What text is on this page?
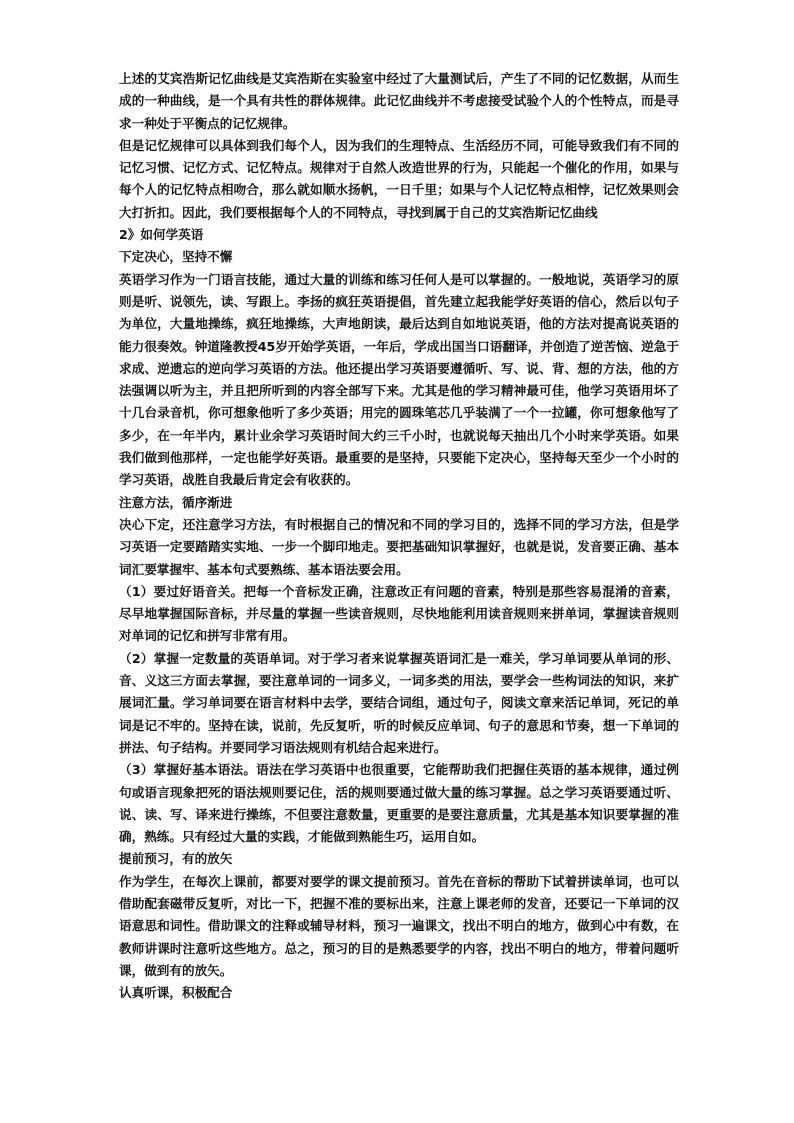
上述的艾宾浩斯记忆曲线是艾宾浩斯在实验室中经过了大量测试后，产生了不同的记忆数据，从而生成的一种曲线，是一个具有共性的群体规律。此记忆曲线并不考虑接受试验个人的个性特点，而是寻求一种处于平衡点的记忆规律。

但是记忆规律可以具体到我们每个人，因为我们的生理特点、生活经历不同，可能导致我们有不同的记忆习惯、记忆方式、记忆特点。规律对于自然人改造世界的行为，只能起一个催化的作用，如果与每个人的记忆特点相吻合，那么就如顺水扬帆，一日千里；如果与个人记忆特点相悖，记忆效果则会大打折扣。因此，我们要根据每个人的不同特点，寻找到属于自己的艾宾浩斯记忆曲线

2》如何学英语

下定决心，坚持不懈

英语学习作为一门语言技能，通过大量的训练和练习任何人是可以掌握的。一般地说，英语学习的原则是听、说领先，读、写跟上。李扬的疯狂英语提倡，首先建立起我能学好英语的信心，然后以句子为单位，大量地操练，疯狂地操练，大声地朗读，最后达到自如地说英语，他的方法对提高说英语的能力很奏效。钟道隆教授45岁开始学英语，一年后，学成出国当口语翻译，并创造了逆苦恼、逆急于求成、逆遗忘的逆向学习英语的方法。他还提出学习英语要遵循听、写、说、背、想的方法，他的方法强调以听为主，并且把所听到的内容全部写下来。尤其是他的学习精神最可佳，他学习英语用坏了十几台录音机，你可想象他听了多少英语；用完的圆珠笔芯几乎装满了一个一拉罐，你可想象他写了多少，在一年半内，累计业余学习英语时间大约三千小时，也就说每天抽出几个小时来学英语。如果我们做到他那样，一定也能学好英语。最重要的是坚持，只要能下定决心，坚持每天至少一个小时的学习英语，战胜自我最后肯定会有收获的。

注意方法，循序渐进

决心下定，还注意学习方法，有时根据自己的情况和不同的学习目的，选择不同的学习方法，但是学习英语一定要踏踏实实地、一步一个脚印地走。要把基础知识掌握好，也就是说，发音要正确、基本词汇要掌握牢、基本句式要熟练、基本语法要会用。

（1）要过好语音关。把每一个音标发正确，注意改正有问题的音素，特别是那些容易混淆的音素，尽早地掌握国际音标，并尽量的掌握一些读音规则，尽快地能利用读音规则来拼单词，掌握读音规则对单词的记忆和拼写非常有用。

（2）掌握一定数量的英语单词。对于学习者来说掌握英语词汇是一难关，学习单词要从单词的形、音、义这三方面去掌握，要注意单词的一词多义，一词多类的用法，要学会一些构词法的知识，来扩展词汇量。学习单词要在语言材料中去学，要结合词组，通过句子，阅读文章来活记单词，死记的单词是记不牢的。坚持在读，说前，先反复听，听的时候反应单词、句子的意思和节奏，想一下单词的拼法、句子结构。并要同学习语法规则有机结合起来进行。

（3）掌握好基本语法。语法在学习英语中也很重要，它能帮助我们把握住英语的基本规律，通过例句或语言现象把死的语法规则要记住，活的规则要通过做大量的练习掌握。总之学习英语要通过听、说、读、写、译来进行操练，不但要注意数量，更重要的是要注意质量，尤其是基本知识要掌握的准确，熟练。只有经过大量的实践，才能做到熟能生巧，运用自如。

提前预习，有的放矢

作为学生，在每次上课前，都要对要学的课文提前预习。首先在音标的帮助下试着拼读单词，也可以借助配套磁带反复听，对比一下，把握不准的要标出来，注意上课老师的发音，还要记一下单词的汉语意思和词性。借助课文的注释或辅导材料，预习一遍课文，找出不明白的地方，做到心中有数，在教师讲课时注意听这些地方。总之，预习的目的是熟悉要学的内容，找出不明白的地方，带着问题听课，做到有的放矢。

认真听课，积极配合
